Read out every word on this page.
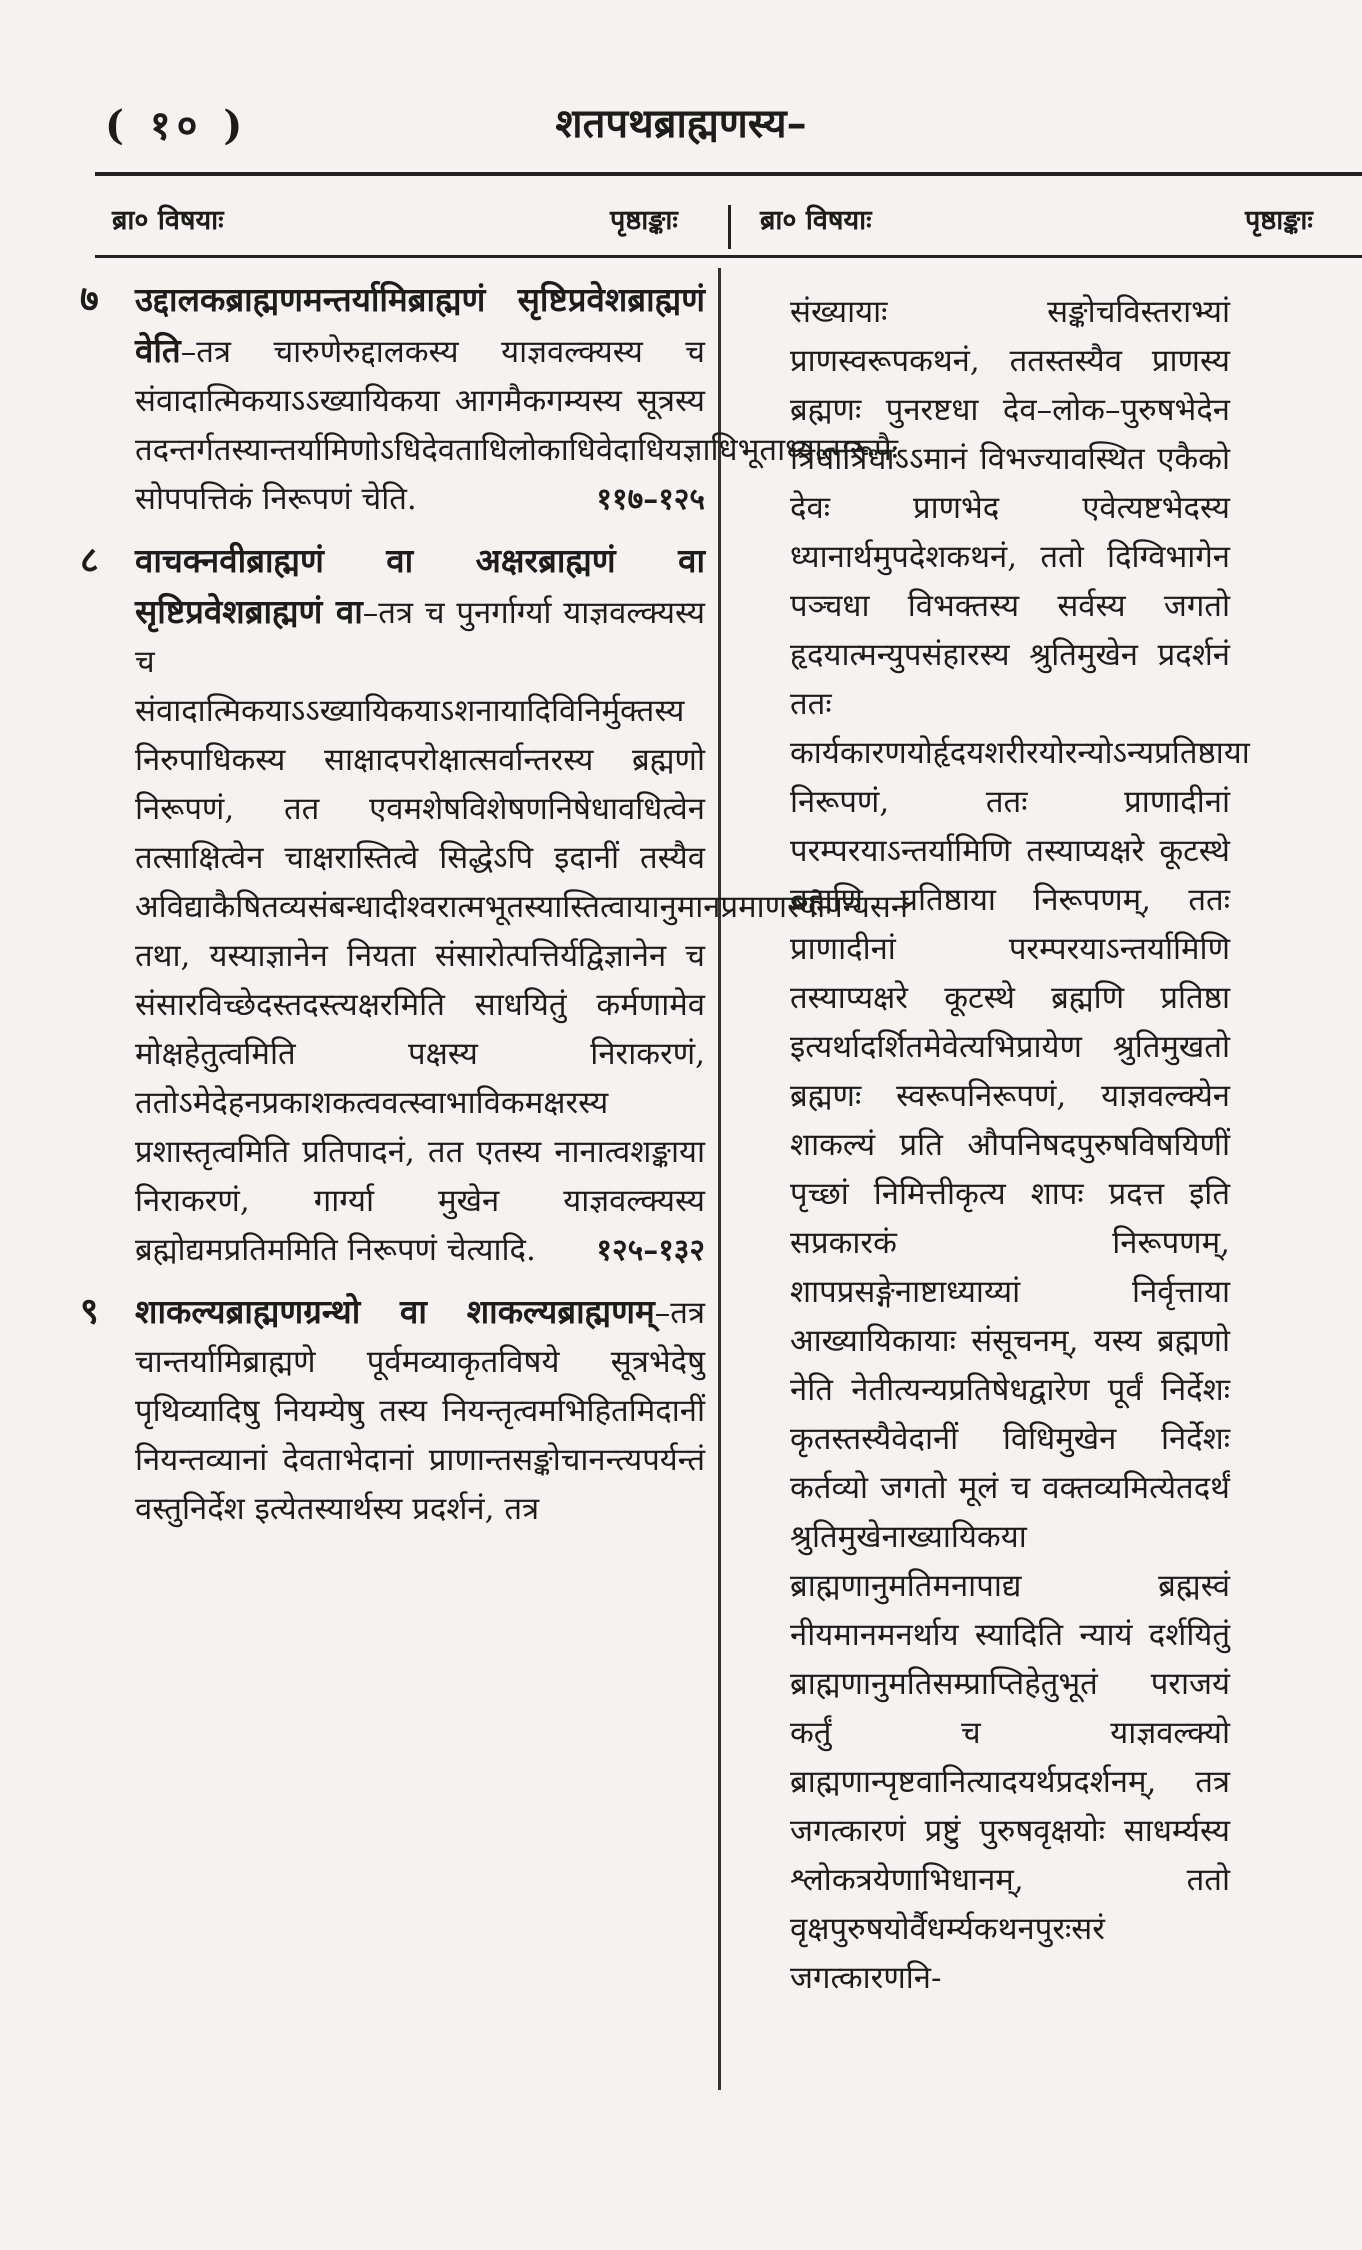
( १० )	शतपथब्राह्मणस्य–
ब्रा० विषयाः	पृष्ठाङ्काः	ब्रा० विषयाः	पृष्ठाङ्काः
७ उद्दालकब्राह्मणमन्तर्यामिब्राह्मणं सृष्टिप्रवेशब्राह्मणं वेति–तत्र चारुणेरुद्दालकस्य याज्ञवल्क्यस्य च संवादात्मिकयाऽऽख्यायिकया आगमैकगम्यस्य सूत्रस्य तदन्तर्गतस्यान्तर्यामिणोऽधिदेवताधिलोकाधिवेदाधियज्ञाधिभूताध्यात्मरूपैः सोपपत्तिकं निरूपणं चेति.	११७–१२५
८ वाचक्नवीब्राह्मणं वा अक्षरब्राह्मणं वा सृष्टिप्रवेशब्राह्मणं वा–तत्र च पुनर्गार्ग्या याज्ञवल्क्यस्य च संवादात्मिकयाऽऽख्यायिकयाऽशनायादिविनिर्मुक्तस्य निरुपाधिकस्य साक्षादपरोक्षात्सर्वान्तरस्य ब्रह्मणो निरूपणं, तत एवमशेषविशेषणनिषेधावधित्वेन तत्साक्षित्वेन चाक्षरास्तित्वे सिद्धेऽपि इदानीं तस्यैव अविद्याकैषितव्यसंबन्धादीश्वरात्मभूतस्यास्तित्वायानुमानप्रमाणस्योपन्यसनं तथा, यस्याज्ञानेन नियता संसारोत्पत्तिर्यद्विज्ञानेन च संसारविच्छेदस्तदस्त्यक्षरमिति साधयितुं कर्मणामेव मोक्षहेतुत्वमिति पक्षस्य निराकरणं, ततोऽमेदेहनप्रकाशकत्ववत्स्वाभाविकमक्षरस्य प्रशास्तृत्वमिति प्रतिपादनं, तत एतस्य नानात्वशङ्काया निराकरणं, गार्ग्या मुखेन याज्ञवल्क्यस्य ब्रह्मोद्यमप्रतिममिति निरूपणं चेत्यादि.	१२५–१३२
९ शाकल्यब्राह्मणग्रन्थो वा शाकल्यब्राह्मणम्–तत्र चान्तर्यामिब्राह्मणे पूर्वमव्याकृतविषये सूत्रभेदेषु पृथिव्यादिषु नियम्येषु तस्य नियन्तृत्वमभिहितमिदानीं नियन्तव्यानां देवताभेदानां प्राणान्तसङ्कोचानन्त्यपर्यन्तं वस्तुनिर्देश इत्येतस्यार्थस्य प्रदर्शनं, तत्र
संख्यायाः सङ्कोचविस्तराभ्यां प्राणस्वरूपकथनं, ततस्तस्यैव प्राणस्य ब्रह्मणः पुनरष्टधा देव–लोक–पुरुषभेदेन त्रिधात्रिधाऽऽमानं विभज्यावस्थित एकैको देवः प्राणभेद एवेत्यष्टभेदस्य ध्यानार्थमुपदेशकथनं, ततो दिग्विभागेन पञ्चधा विभक्तस्य सर्वस्य जगतो हृदयात्मन्युपसंहारस्य श्रुतिमुखेन प्रदर्शनं ततः कार्यकारणयोर्हृदयशरीरयोरन्योऽन्यप्रतिष्ठाया निरूपणं, ततः प्राणादीनां परम्परयाऽन्तर्यामिणि तस्याप्यक्षरे कूटस्थे ब्रह्मणि प्रतिष्ठाया निरूपणम्, ततः प्राणादीनां परम्परयाऽन्तर्यामिणि तस्याप्यक्षरे कूटस्थे ब्रह्मणि प्रतिष्ठा इत्यर्थादर्शितमेवेत्यभिप्रायेण श्रुतिमुखतो ब्रह्मणः स्वरूपनिरूपणं, याज्ञवल्क्येन शाकल्यं प्रति औपनिषदपुरुषविषयिणीं पृच्छां निमित्तीकृत्य शापः प्रदत्त इति सप्रकारकं निरूपणम्, शापप्रसङ्गेनाष्टाध्याय्यां निर्वृत्ताया आख्यायिकायाः संसूचनम्, यस्य ब्रह्मणो नेति नेतीत्यन्यप्रतिषेधद्वारेण पूर्वं निर्देशः कृतस्तस्यैवेदानीं विधिमुखेन निर्देशः कर्तव्यो जगतो मूलं च वक्तव्यमित्येतदर्थं श्रुतिमुखेनाख्यायिकया ब्राह्मणानुमतिमनापाद्य ब्रह्मस्वं नीयमानमनर्थाय स्यादिति न्यायं दर्शयितुं ब्राह्मणानुमतिसम्प्राप्तिहेतुभूतं पराजयं कर्तुं च याज्ञवल्क्यो ब्राह्मणान्पृष्टवानित्यादयर्थप्रदर्शनम्, तत्र जगत्कारणं प्रष्टुं पुरुषवृक्षयोः साधर्म्यस्य श्लोकत्रयेणाभिधानम्, ततो वृक्षपुरुषयोर्वैधर्म्यकथनपुरःसरं जगत्कारणनि-
